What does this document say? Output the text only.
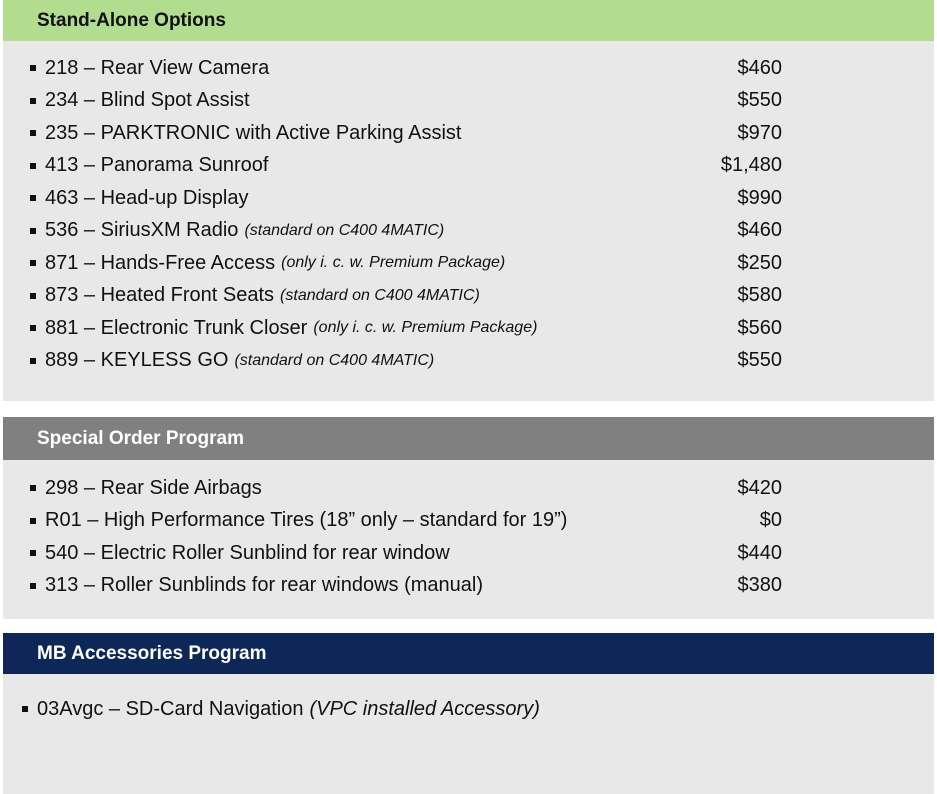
Stand-Alone Options
218 – Rear View Camera	$460
234 – Blind Spot Assist	$550
235 – PARKTRONIC with Active Parking Assist	$970
413 – Panorama Sunroof	$1,480
463 – Head-up Display	$990
536 – SiriusXM Radio (standard on C400 4MATIC)	$460
871 – Hands-Free Access (only i. c. w. Premium Package)	$250
873 – Heated Front Seats (standard on C400 4MATIC)	$580
881 – Electronic Trunk Closer (only i. c. w. Premium Package)	$560
889 – KEYLESS GO (standard on C400 4MATIC)	$550
Special Order Program
298 – Rear Side Airbags	$420
R01 – High Performance Tires (18” only – standard for 19”)	$0
540 – Electric Roller Sunblind for rear window	$440
313 – Roller Sunblinds for rear windows (manual)	$380
MB Accessories Program
03Avgc – SD-Card Navigation (VPC installed Accessory)
